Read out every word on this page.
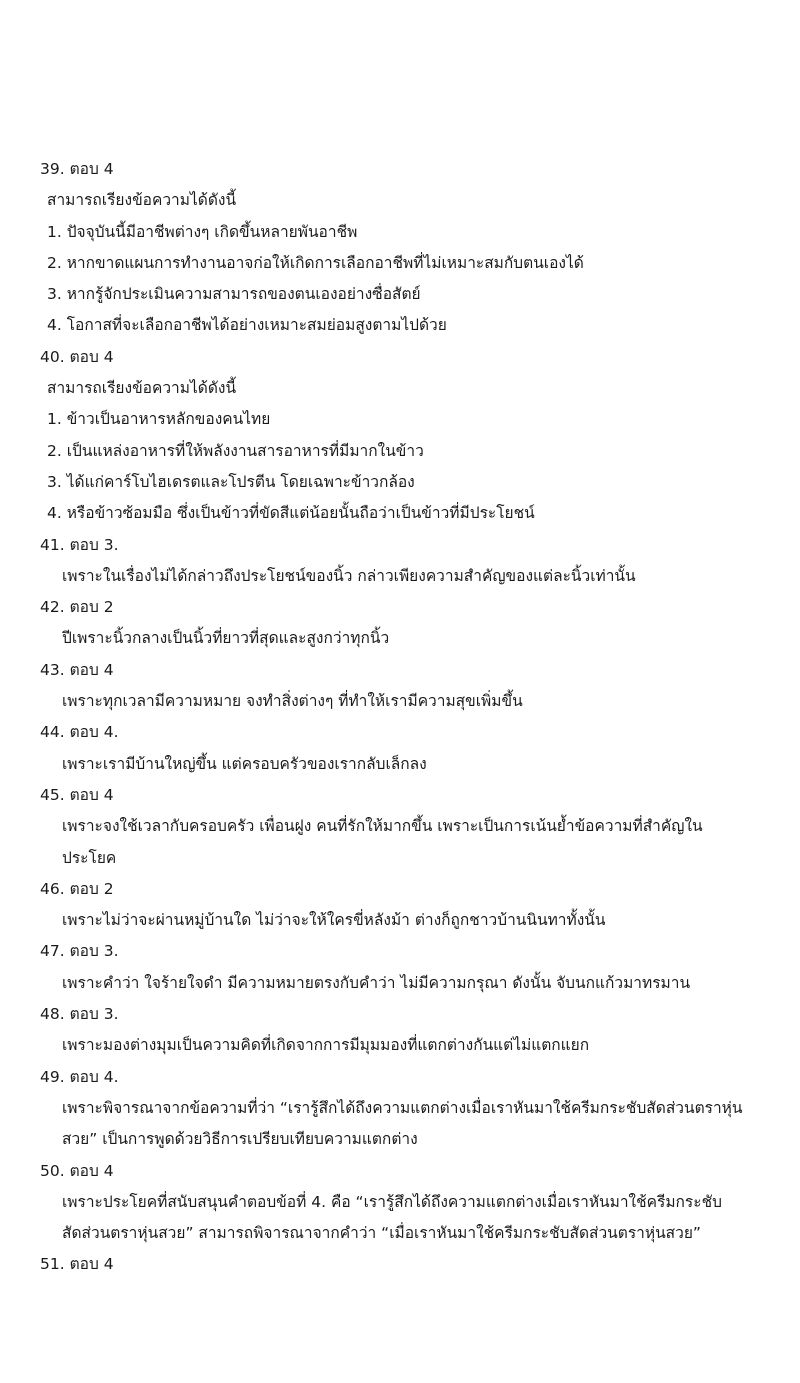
39. ตอบ 4
สามารถเรียงข้อความได้ดังนี้
1. ปัจจุบันนี้มีอาชีพต่างๆ เกิดขึ้นหลายพันอาชีพ
2. หากขาดแผนการทำงานอาจก่อให้เกิดการเลือกอาชีพที่ไม่เหมาะสมกับตนเองได้
3. หากรู้จักประเมินความสามารถของตนเองอย่างซื่อสัตย์
4. โอกาสที่จะเลือกอาชีพได้อย่างเหมาะสมย่อมสูงตามไปด้วย
40. ตอบ 4
สามารถเรียงข้อความได้ดังนี้
1. ข้าวเป็นอาหารหลักของคนไทย
2. เป็นแหล่งอาหารที่ให้พลังงานสารอาหารที่มีมากในข้าว
3. ได้แก่คาร์โบไฮเดรตและโปรตีน โดยเฉพาะข้าวกล้อง
4. หรือข้าวซ้อมมือ ซึ่งเป็นข้าวที่ขัดสีแต่น้อยนั้นถือว่าเป็นข้าวที่มีประโยชน์
41. ตอบ 3.
เพราะในเรื่องไม่ได้กล่าวถึงประโยชน์ของนิ้ว กล่าวเพียงความสำคัญของแต่ละนิ้วเท่านั้น
42. ตอบ 2
ปีเพราะนิ้วกลางเป็นนิ้วที่ยาวที่สุดและสูงกว่าทุกนิ้ว
43. ตอบ 4
เพราะทุกเวลามีความหมาย จงทำสิ่งต่างๆ ที่ทำให้เรามีความสุขเพิ่มขึ้น
44. ตอบ 4.
เพราะเรามีบ้านใหญ่ขึ้น แต่ครอบครัวของเรากลับเล็กลง
45. ตอบ 4
เพราะจงใช้เวลากับครอบครัว เพื่อนฝูง คนที่รักให้มากขึ้น เพราะเป็นการเน้นย้ำข้อความที่สำคัญใน
ประโยค
46. ตอบ 2
เพราะไม่ว่าจะผ่านหมู่บ้านใด ไม่ว่าจะให้ใครขี่หลังม้า ต่างก็ถูกชาวบ้านนินทาทั้งนั้น
47. ตอบ 3.
เพราะคำว่า ใจร้ายใจดำ มีความหมายตรงกับคำว่า ไม่มีความกรุณา ดังนั้น จับนกแก้วมาทรมาน
48. ตอบ 3.
เพราะมองต่างมุมเป็นความคิดที่เกิดจากการมีมุมมองที่แตกต่างกันแต่ไม่แตกแยก
49. ตอบ 4.
เพราะพิจารณาจากข้อความที่ว่า “เรารู้สึกได้ถึงความแตกต่างเมื่อเราหันมาใช้ครีมกระชับสัดส่วนตราหุ่น
สวย” เป็นการพูดด้วยวิธีการเปรียบเทียบความแตกต่าง
50. ตอบ 4
เพราะประโยคที่สนับสนุนคำตอบข้อที่ 4. คือ “เรารู้สึกได้ถึงความแตกต่างเมื่อเราหันมาใช้ครีมกระชับ
สัดส่วนตราหุ่นสวย” สามารถพิจารณาจากคำว่า “เมื่อเราหันมาใช้ครีมกระชับสัดส่วนตราหุ่นสวย”
51. ตอบ 4
